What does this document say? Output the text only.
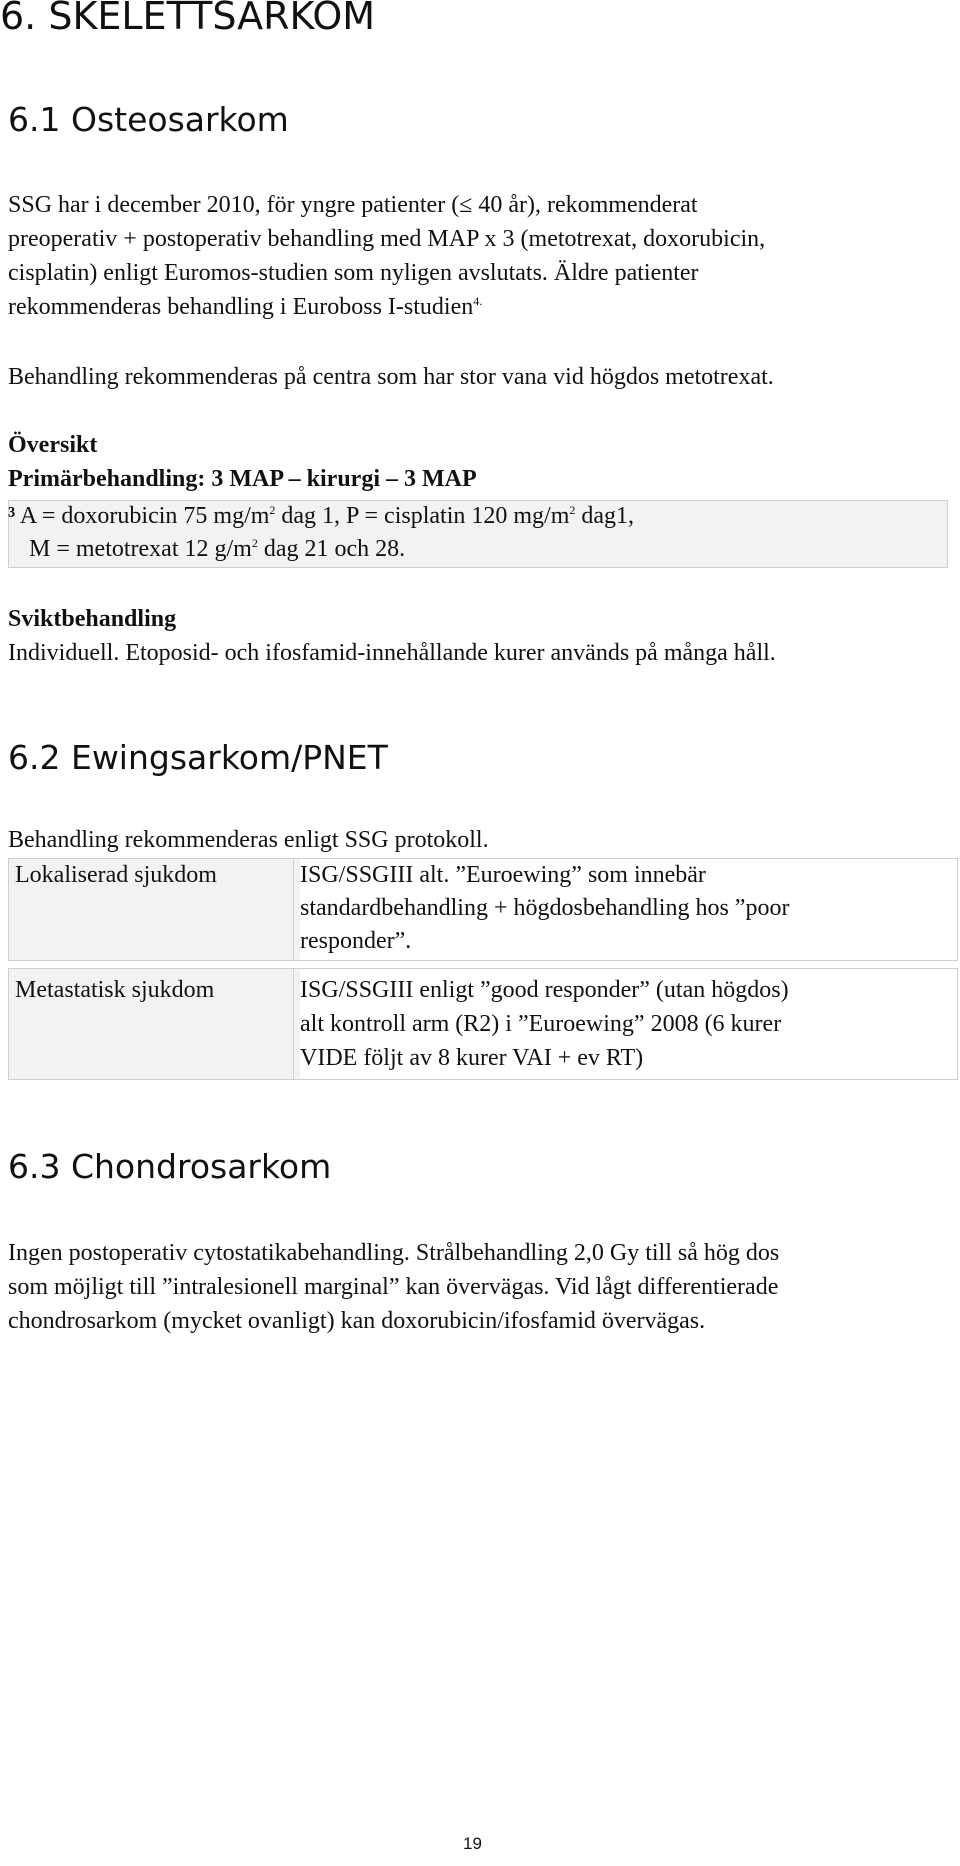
6. SKELETTSARKOM
6.1 Osteosarkom
SSG har i december 2010, för yngre patienter (≤ 40 år), rekommenderat
preoperativ + postoperativ behandling med MAP x 3 (metotrexat, doxorubicin,
cisplatin) enligt Euromos-studien som nyligen avslutats. Äldre patienter
rekommenderas behandling i Euroboss I-studien$^{4.}$
Behandling rekommenderas på centra som har stor vana vid högdos metotrexat.
Översikt
Primärbehandling: 3 MAP – kirurgi – 3 MAP
³ A = doxorubicin 75 $mg/m^2$ dag 1, P = cisplatin 120 $mg/m^2$ dag1,
M = metotrexat 12 $g/m^2$ dag 21 och 28.
Sviktbehandling
Individuell. Etoposid- och ifosfamid-innehållande kurer används på många håll.
6.2 Ewingsarkom/PNET
Behandling rekommenderas enligt SSG protokoll.
Lokaliserad sjukdom	ISG/SSGIII alt. ”Euroewing” som innebär
standardbehandling + högdosbehandling hos ”poor
responder”.
Metastatisk sjukdom	ISG/SSGIII enligt ”good responder” (utan högdos)
alt kontroll arm (R2) i ”Euroewing” 2008 (6 kurer
VIDE följt av 8 kurer VAI + ev RT)
6.3 Chondrosarkom
Ingen postoperativ cytostatikabehandling. Strålbehandling 2,0 Gy till så hög dos
som möjligt till ”intralesionell marginal” kan övervägas. Vid lågt differentierade
chondrosarkom (mycket ovanligt) kan doxorubicin/ifosfamid övervägas.
19
